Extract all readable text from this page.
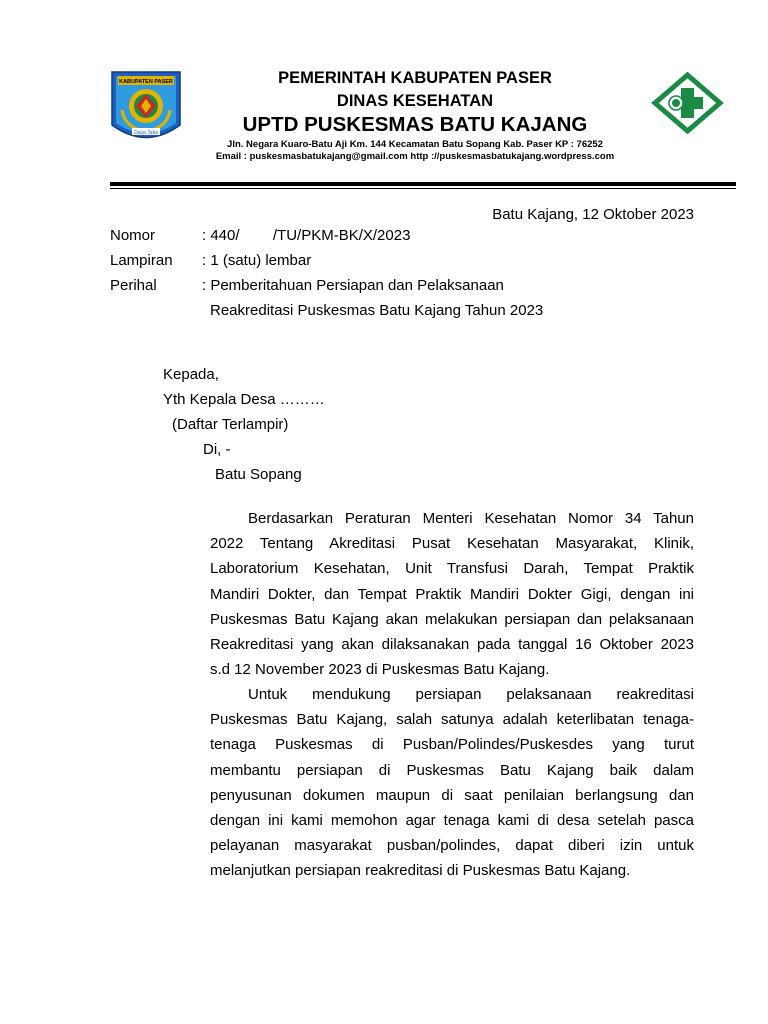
KABUPATEN PASER
Daya Taka
PEMERINTAH KABUPATEN PASER
DINAS KESEHATAN
UPTD PUSKESMAS BATU KAJANG
Jln. Negara Kuaro-Batu Aji Km. 144 Kecamatan Batu Sopang Kab. Paser KP : 76252
Email : puskesmasbatukajang@gmail.com http ://puskesmasbatukajang.wordpress.com
Batu Kajang, 12 Oktober 2023
Nomor	: 440/        /TU/PKM-BK/X/2023
Lampiran : 1 (satu) lembar
Perihal	: Pemberitahuan Persiapan dan Pelaksanaan
Reakreditasi Puskesmas Batu Kajang Tahun 2023
Kepada,
Yth Kepala Desa ………
(Daftar Terlampir)
Di, -
Batu Sopang
Berdasarkan Peraturan Menteri Kesehatan Nomor 34 Tahun
2022 Tentang Akreditasi Pusat Kesehatan Masyarakat, Klinik,
Laboratorium Kesehatan, Unit Transfusi Darah, Tempat Praktik
Mandiri Dokter, dan Tempat Praktik Mandiri Dokter Gigi, dengan ini
Puskesmas Batu Kajang akan melakukan persiapan dan pelaksanaan
Reakreditasi yang akan dilaksanakan pada tanggal 16 Oktober 2023
s.d 12 November 2023 di Puskesmas Batu Kajang.
Untuk mendukung persiapan pelaksanaan reakreditasi
Puskesmas Batu Kajang, salah satunya adalah keterlibatan tenaga-
tenaga Puskesmas di Pusban/Polindes/Puskesdes yang turut
membantu persiapan di Puskesmas Batu Kajang baik dalam
penyusunan dokumen maupun di saat penilaian berlangsung dan
dengan ini kami memohon agar tenaga kami di desa setelah pasca
pelayanan masyarakat pusban/polindes, dapat diberi izin untuk
melanjutkan persiapan reakreditasi di Puskesmas Batu Kajang.
